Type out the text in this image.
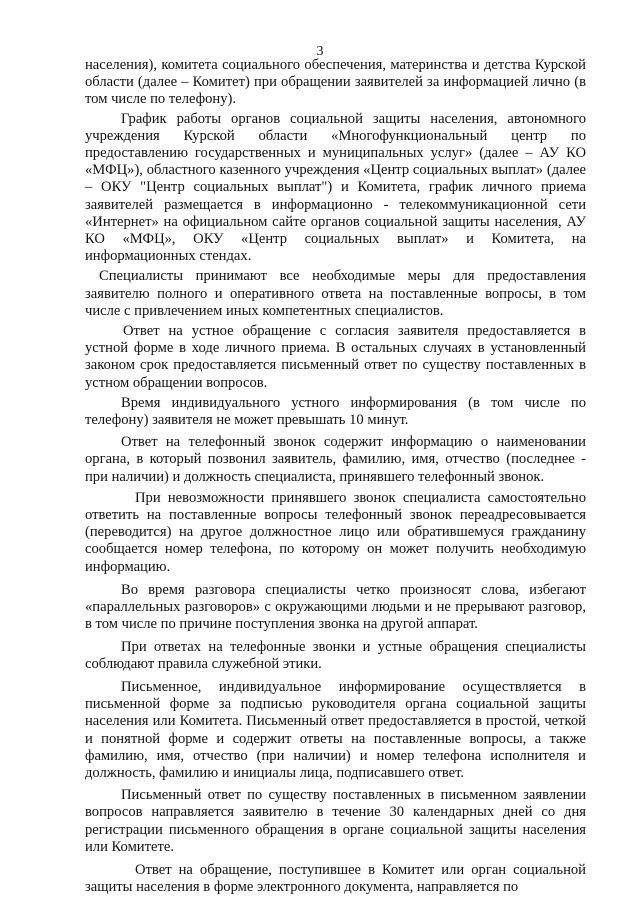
3

населения), комитета социального обеспечения, материнства и детства Курской области (далее – Комитет) при обращении заявителей за информацией лично (в том числе по телефону).

График работы органов социальной защиты населения, автономного учреждения Курской области «Многофункциональный центр по предоставлению государственных и муниципальных услуг» (далее – АУ КО «МФЦ»), областного казенного учреждения «Центр социальных выплат» (далее – ОКУ "Центр социальных выплат") и Комитета, график личного приема заявителей размещается в информационно - телекоммуникационной сети «Интернет» на официальном сайте органов социальной защиты населения, АУ КО «МФЦ», ОКУ «Центр социальных выплат» и Комитета, на информационных стендах.

Специалисты принимают все необходимые меры для предоставления заявителю полного и оперативного ответа на поставленные вопросы, в том числе с привлечением иных компетентных специалистов.

Ответ на устное обращение с согласия заявителя предоставляется в устной форме в ходе личного приема. В остальных случаях в установленный законом срок предоставляется письменный ответ по существу поставленных в устном обращении вопросов.

Время индивидуального устного информирования (в том числе по телефону) заявителя не может превышать 10 минут.

Ответ на телефонный звонок содержит информацию о наименовании органа, в который позвонил заявитель, фамилию, имя, отчество (последнее - при наличии) и должность специалиста, принявшего телефонный звонок.

При невозможности принявшего звонок специалиста самостоятельно ответить на поставленные вопросы телефонный звонок переадресовывается (переводится) на другое должностное лицо или обратившемуся гражданину сообщается номер телефона, по которому он может получить необходимую информацию.

Во время разговора специалисты четко произносят слова, избегают «параллельных разговоров» с окружающими людьми и не прерывают разговор, в том числе по причине поступления звонка на другой аппарат.

При ответах на телефонные звонки и устные обращения специалисты соблюдают правила служебной этики.

Письменное, индивидуальное информирование осуществляется в письменной форме за подписью руководителя органа социальной защиты населения или Комитета. Письменный ответ предоставляется в простой, четкой и понятной форме и содержит ответы на поставленные вопросы, а также фамилию, имя, отчество (при наличии) и номер телефона исполнителя и должность, фамилию и инициалы лица, подписавшего ответ.

Письменный ответ по существу поставленных в письменном заявлении вопросов направляется заявителю в течение 30 календарных дней со дня регистрации письменного обращения в органе социальной защиты населения или Комитете.

Ответ на обращение, поступившее в Комитет или орган социальной защиты населения в форме электронного документа, направляется по
